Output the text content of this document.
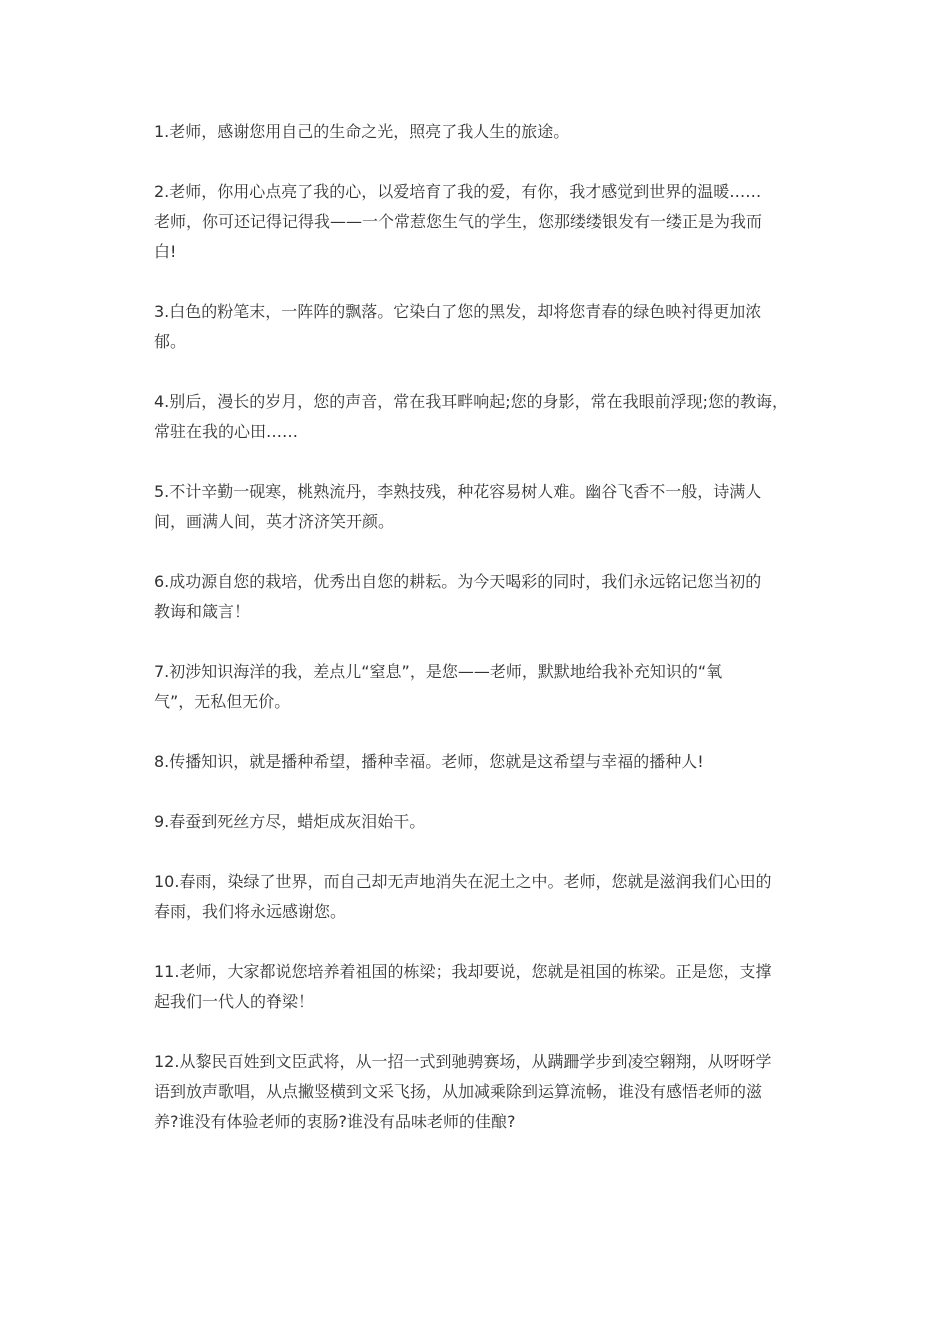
1.老师，感谢您用自己的生命之光，照亮了我人生的旅途。

2.老师，你用心点亮了我的心，以爱培育了我的爱，有你，我才感觉到世界的温暖……
老师，你可还记得记得我——一个常惹您生气的学生，您那缕缕银发有一缕正是为我而
白!

3.白色的粉笔末，一阵阵的飘落。它染白了您的黑发，却将您青春的绿色映衬得更加浓
郁。

4.别后，漫长的岁月，您的声音，常在我耳畔响起;您的身影，常在我眼前浮现;您的教诲，
常驻在我的心田……

5.不计辛勤一砚寒，桃熟流丹，李熟技残，种花容易树人难。幽谷飞香不一般，诗满人
间，画满人间，英才济济笑开颜。

6.成功源自您的栽培，优秀出自您的耕耘。为今天喝彩的同时，我们永远铭记您当初的
教诲和箴言！

7.初涉知识海洋的我，差点儿“窒息”，是您——老师，默默地给我补充知识的“氧
气”，无私但无价。

8.传播知识，就是播种希望，播种幸福。老师，您就是这希望与幸福的播种人!

9.春蚕到死丝方尽，蜡炬成灰泪始干。

10.春雨，染绿了世界，而自己却无声地消失在泥土之中。老师，您就是滋润我们心田的
春雨，我们将永远感谢您。

11.老师，大家都说您培养着祖国的栋梁；我却要说，您就是祖国的栋梁。正是您，支撑
起我们一代人的脊梁！

12.从黎民百姓到文臣武将，从一招一式到驰骋赛场，从蹒跚学步到凌空翱翔，从呀呀学
语到放声歌唱，从点撇竖横到文采飞扬，从加减乘除到运算流畅，谁没有感悟老师的滋
养?谁没有体验老师的衷肠?谁没有品味老师的佳酿?
